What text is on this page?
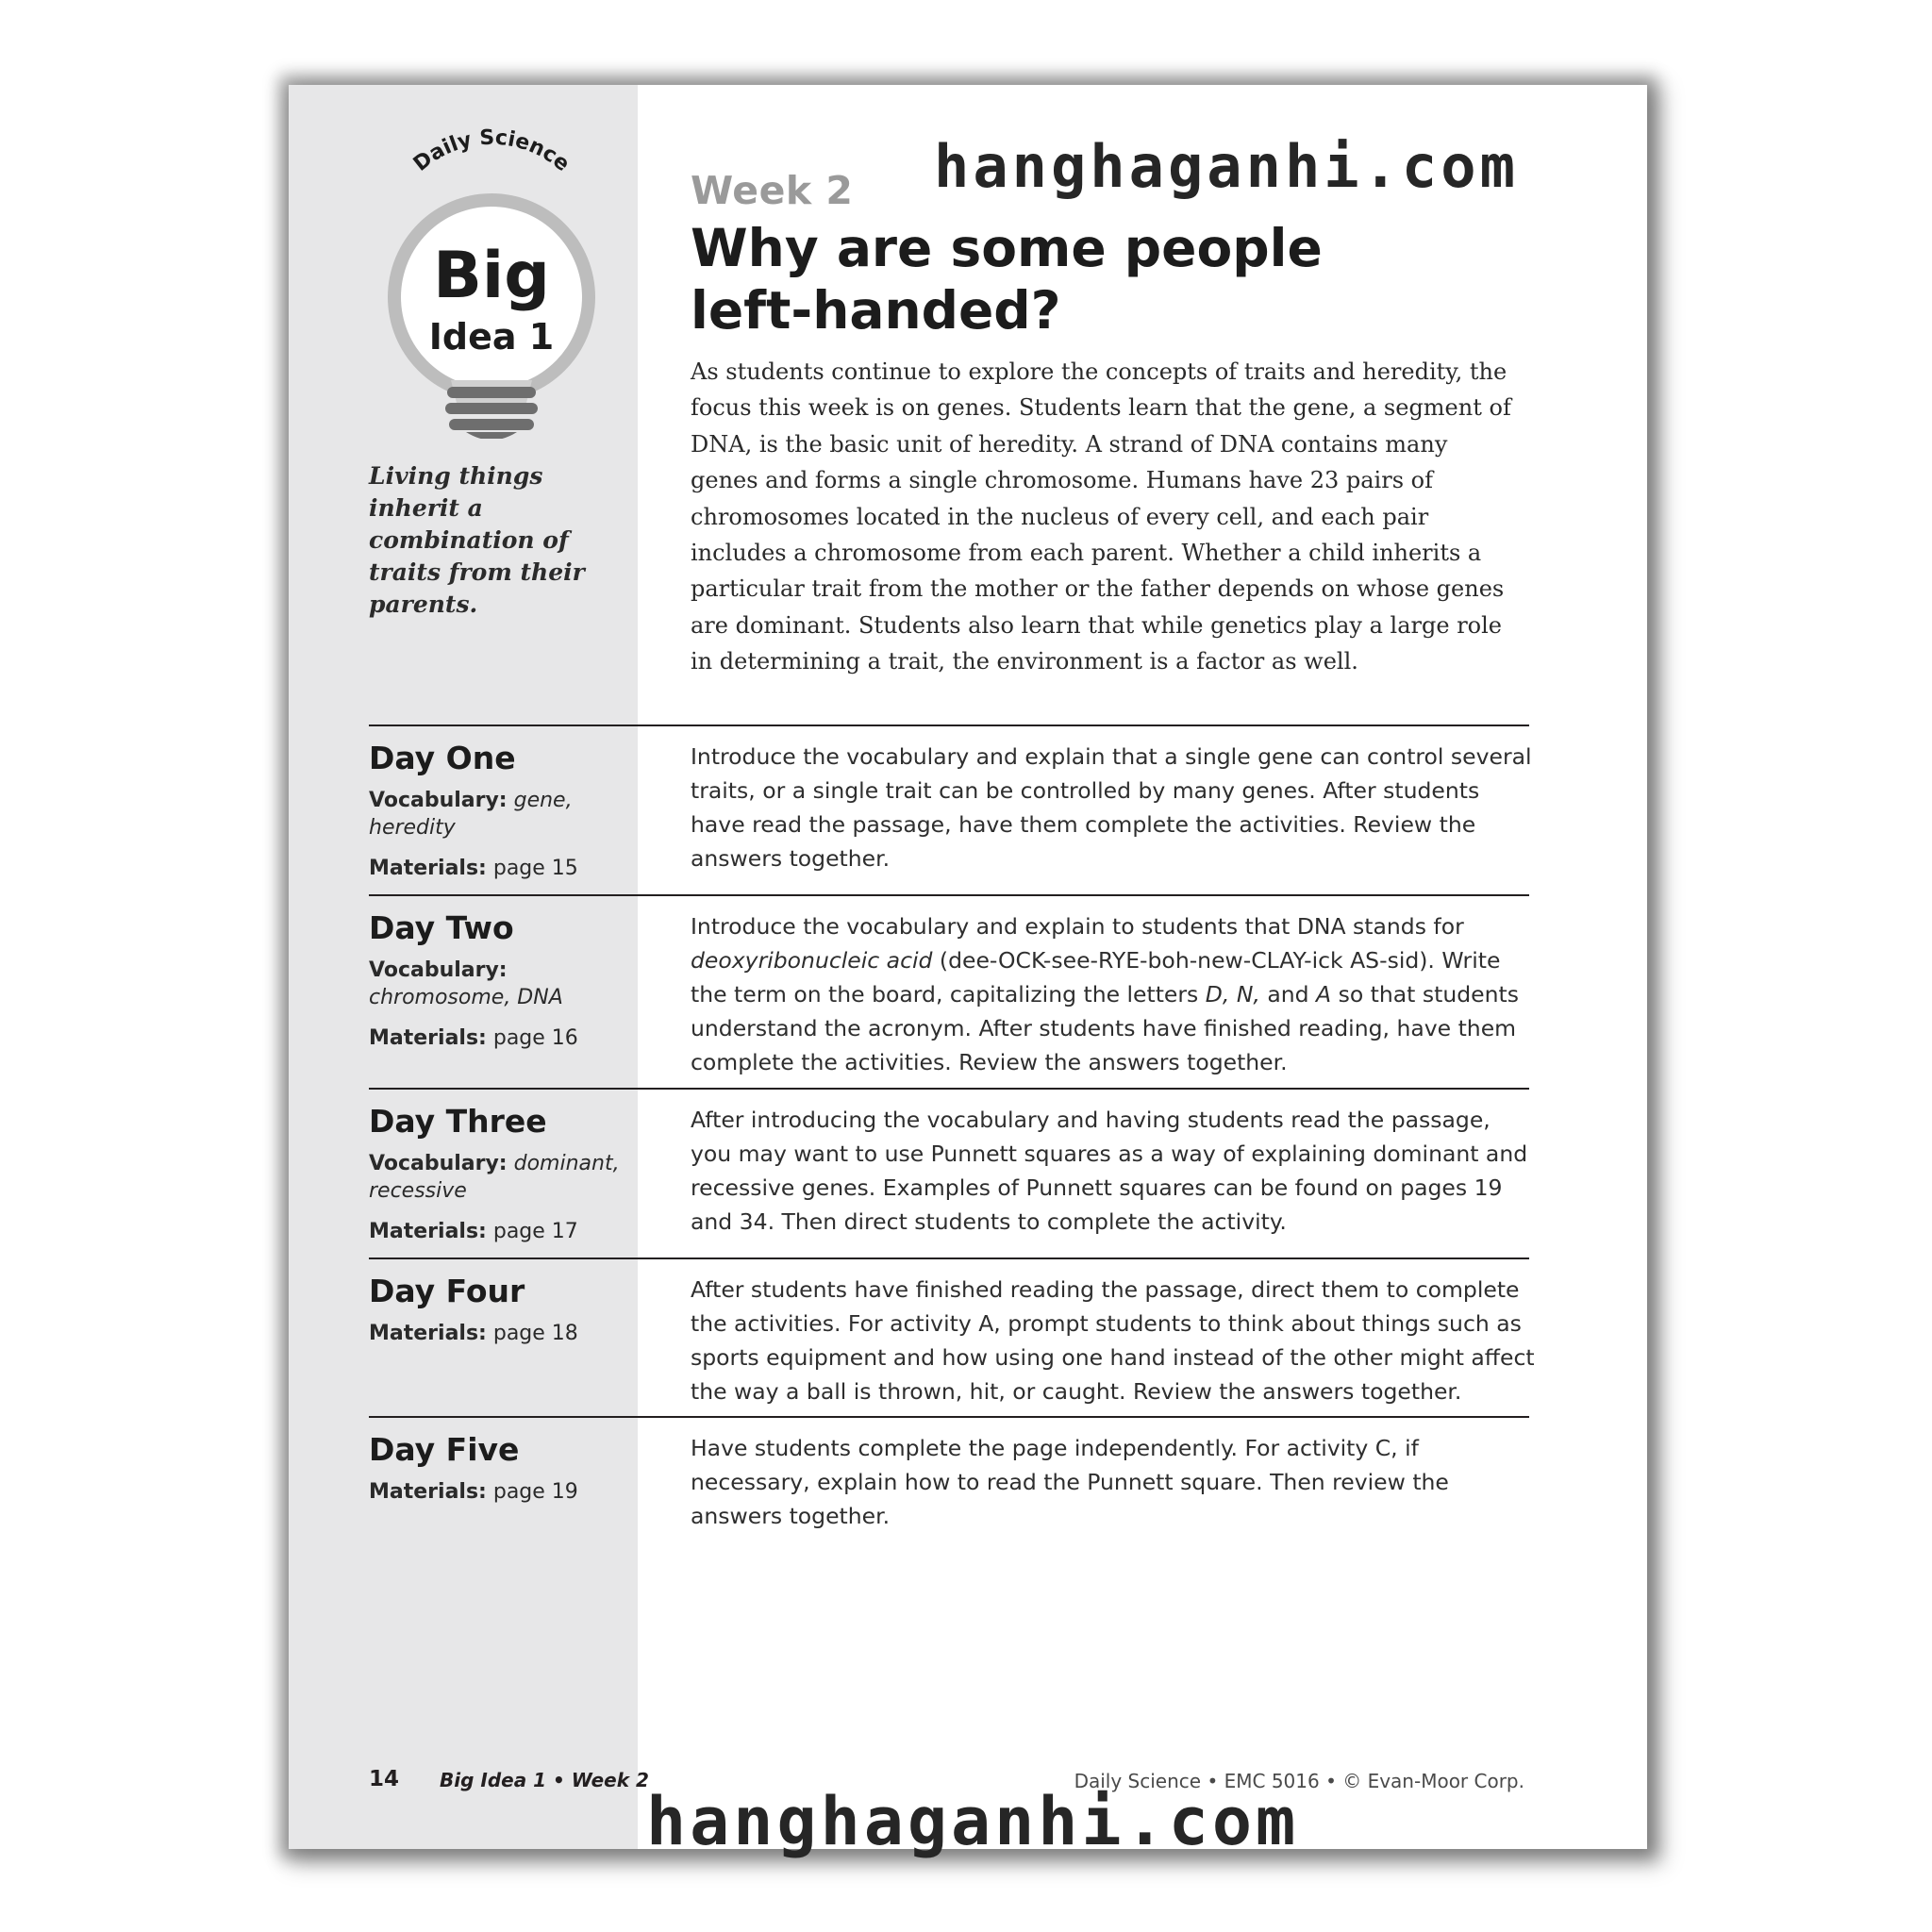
Daily Science
Big
Idea 1

Living things inherit a combination of traits from their parents.

Week 2
Why are some people
left-handed?

As students continue to explore the concepts of traits and heredity, the focus this week is on genes. Students learn that the gene, a segment of DNA, is the basic unit of heredity. A strand of DNA contains many genes and forms a single chromosome. Humans have 23 pairs of chromosomes located in the nucleus of every cell, and each pair includes a chromosome from each parent. Whether a child inherits a particular trait from the mother or the father depends on whose genes are dominant. Students also learn that while genetics play a large role in determining a trait, the environment is a factor as well.

Day One

Vocabulary: gene, heredity

Materials: page 15

Introduce the vocabulary and explain that a single gene can control several traits, or a single trait can be controlled by many genes. After students have read the passage, have them complete the activities. Review the answers together.

Day Two

Vocabulary:
chromosome, DNA

Materials: page 16

Introduce the vocabulary and explain to students that DNA stands for deoxyribonucleic acid (dee-OCK-see-RYE-boh-new-CLAY-ick AS-sid). Write the term on the board, capitalizing the letters D, N, and A so that students understand the acronym. After students have finished reading, have them complete the activities. Review the answers together.

Day Three

Vocabulary: dominant, recessive

Materials: page 17

After introducing the vocabulary and having students read the passage, you may want to use Punnett squares as a way of explaining dominant and recessive genes. Examples of Punnett squares can be found on pages 19 and 34. Then direct students to complete the activity.

Day Four

Materials: page 18

After students have finished reading the passage, direct them to complete the activities. For activity A, prompt students to think about things such as sports equipment and how using one hand instead of the other might affect the way a ball is thrown, hit, or caught. Review the answers together.

Day Five

Materials: page 19

Have students complete the page independently. For activity C, if necessary, explain how to read the Punnett square. Then review the answers together.

14 Big Idea 1 • Week 2	Daily Science • EMC 5016 • © Evan-Moor Corp.
hanghaganhi.com
hanghaganhi.com
